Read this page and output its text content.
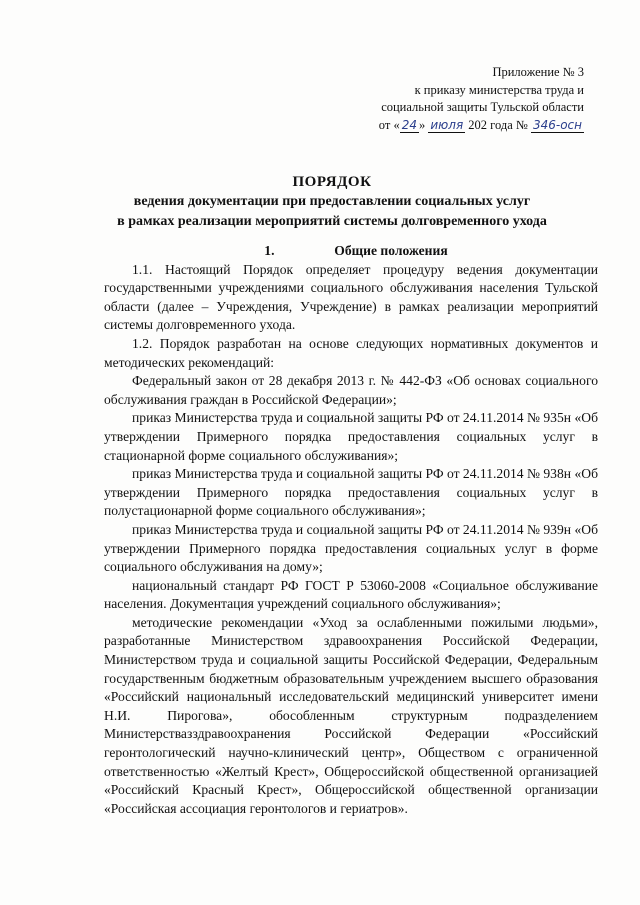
Приложение № 3
к приказу министерства труда и
социальной защиты Тульской области
от « 24 » июля 202 года № 346-осн
ПОРЯДОК
ведения документации при предоставлении социальных услуг
в рамках реализации мероприятий системы долговременного ухода
1.	Общие положения

1.1. Настоящий Порядок определяет процедуру ведения документации государственными учреждениями социального обслуживания населения Тульской области (далее – Учреждения, Учреждение) в рамках реализации мероприятий системы долговременного ухода.

1.2. Порядок разработан на основе следующих нормативных документов и методических рекомендаций:

Федеральный закон от 28 декабря 2013 г. № 442-ФЗ «Об основах социального обслуживания граждан в Российской Федерации»;

приказ Министерства труда и социальной защиты РФ от 24.11.2014 № 935н «Об утверждении Примерного порядка предоставления социальных услуг в стационарной форме социального обслуживания»;

приказ Министерства труда и социальной защиты РФ от 24.11.2014 № 938н «Об утверждении Примерного порядка предоставления социальных услуг в полустационарной форме социального обслуживания»;

приказ Министерства труда и социальной защиты РФ от 24.11.2014 № 939н «Об утверждении Примерного порядка предоставления социальных услуг в форме социального обслуживания на дому»;

национальный стандарт РФ ГОСТ Р 53060-2008 «Социальное обслуживание населения. Документация учреждений социального обслуживания»;

методические рекомендации «Уход за ослабленными пожилыми людьми», разработанные Министерством здравоохранения Российской Федерации, Министерством труда и социальной защиты Российской Федерации, Федеральным государственным бюджетным образовательным учреждением высшего образования «Российский национальный исследовательский медицинский университет имени Н.И. Пирогова», обособленным структурным подразделением Министерствазздравоохранения Российской Федерации «Российский геронтологический научно-клинический центр», Обществом с ограниченной ответственностью «Желтый Крест», Общероссийской общественной организацией «Российский Красный Крест», Общероссийской общественной организации «Российская ассоциация геронтологов и гериатров».
